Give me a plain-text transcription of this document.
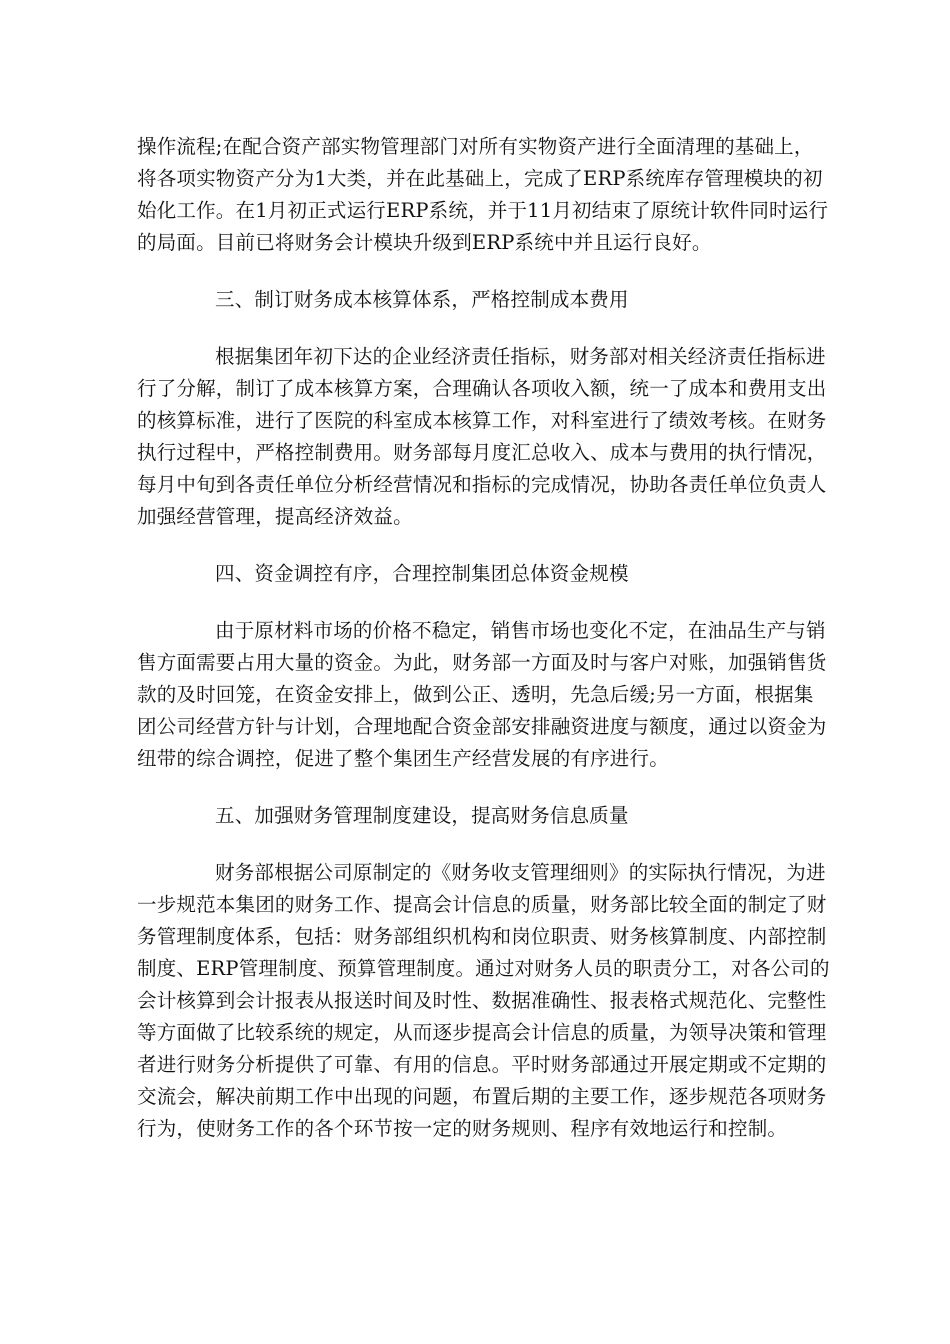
操作流程;在配合资产部实物管理部门对所有实物资产进行全面清理的基础上，
将各项实物资产分为1大类，并在此基础上，完成了ERP系统库存管理模块的初
始化工作。在1月初正式运行ERP系统，并于11月初结束了原统计软件同时运行
的局面。目前已将财务会计模块升级到ERP系统中并且运行良好。
三、制订财务成本核算体系，严格控制成本费用
根据集团年初下达的企业经济责任指标，财务部对相关经济责任指标进
行了分解，制订了成本核算方案，合理确认各项收入额，统一了成本和费用支出
的核算标准，进行了医院的科室成本核算工作，对科室进行了绩效考核。在财务
执行过程中，严格控制费用。财务部每月度汇总收入、成本与费用的执行情况，
每月中旬到各责任单位分析经营情况和指标的完成情况，协助各责任单位负责人
加强经营管理，提高经济效益。
四、资金调控有序，合理控制集团总体资金规模
由于原材料市场的价格不稳定，销售市场也变化不定，在油品生产与销
售方面需要占用大量的资金。为此，财务部一方面及时与客户对账，加强销售货
款的及时回笼，在资金安排上，做到公正、透明，先急后缓;另一方面，根据集
团公司经营方针与计划，合理地配合资金部安排融资进度与额度，通过以资金为
纽带的综合调控，促进了整个集团生产经营发展的有序进行。
五、加强财务管理制度建设，提高财务信息质量
财务部根据公司原制定的《财务收支管理细则》的实际执行情况，为进
一步规范本集团的财务工作、提高会计信息的质量，财务部比较全面的制定了财
务管理制度体系，包括：财务部组织机构和岗位职责、财务核算制度、内部控制
制度、ERP管理制度、预算管理制度。通过对财务人员的职责分工，对各公司的
会计核算到会计报表从报送时间及时性、数据准确性、报表格式规范化、完整性
等方面做了比较系统的规定，从而逐步提高会计信息的质量，为领导决策和管理
者进行财务分析提供了可靠、有用的信息。平时财务部通过开展定期或不定期的
交流会，解决前期工作中出现的问题，布置后期的主要工作，逐步规范各项财务
行为，使财务工作的各个环节按一定的财务规则、程序有效地运行和控制。
